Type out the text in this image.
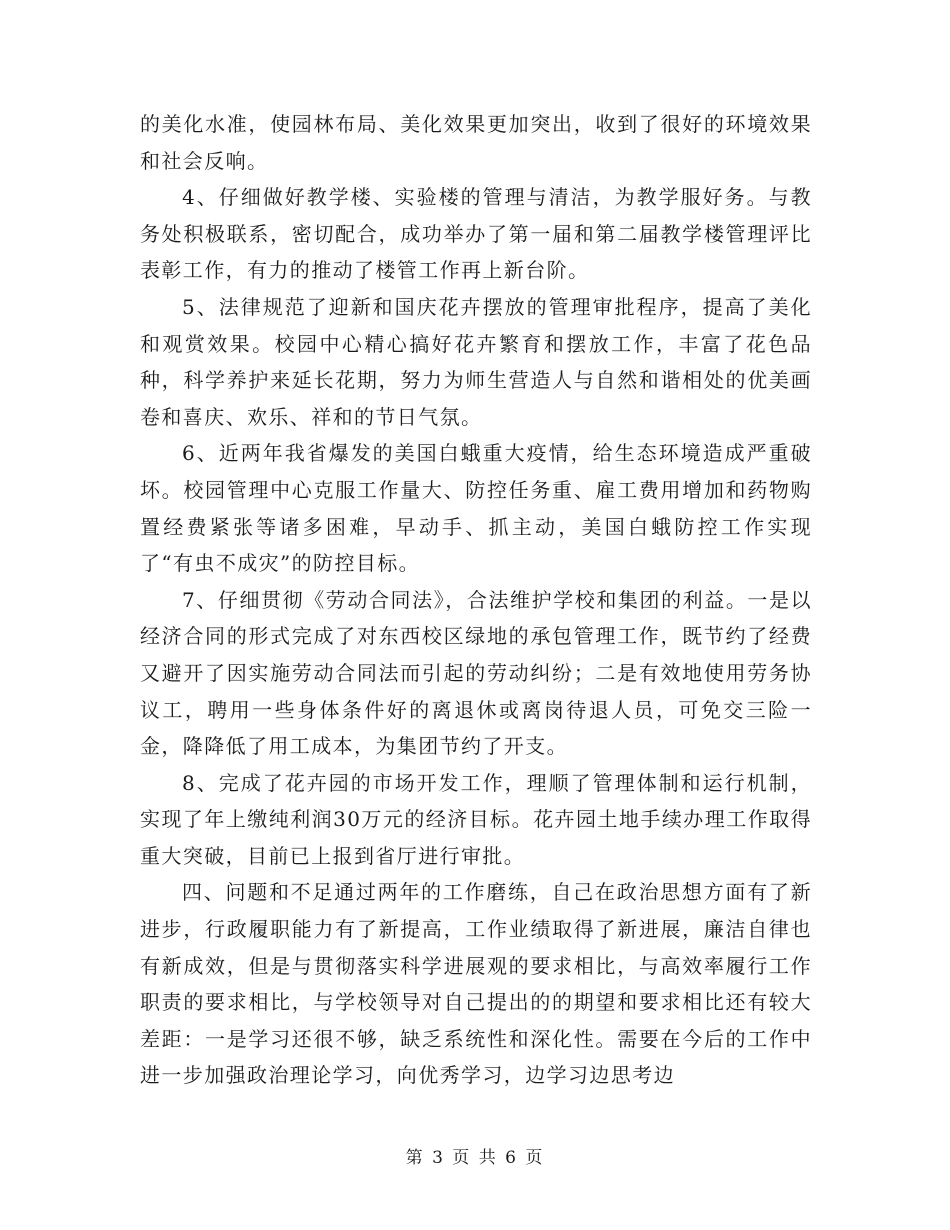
的美化水准，使园林布局、美化效果更加突出，收到了很好的环境效果和社会反响。

4、仔细做好教学楼、实验楼的管理与清洁，为教学服好务。与教务处积极联系，密切配合，成功举办了第一届和第二届教学楼管理评比表彰工作，有力的推动了楼管工作再上新台阶。

5、法律规范了迎新和国庆花卉摆放的管理审批程序，提高了美化和观赏效果。校园中心精心搞好花卉繁育和摆放工作，丰富了花色品种，科学养护来延长花期，努力为师生营造人与自然和谐相处的优美画卷和喜庆、欢乐、祥和的节日气氛。

6、近两年我省爆发的美国白蛾重大疫情，给生态环境造成严重破坏。校园管理中心克服工作量大、防控任务重、雇工费用增加和药物购置经费紧张等诸多困难，早动手、抓主动，美国白蛾防控工作实现了“有虫不成灾”的防控目标。

7、仔细贯彻《劳动合同法》，合法维护学校和集团的利益。一是以经济合同的形式完成了对东西校区绿地的承包管理工作，既节约了经费又避开了因实施劳动合同法而引起的劳动纠纷；二是有效地使用劳务协议工，聘用一些身体条件好的离退休或离岗待退人员，可免交三险一金，降降低了用工成本，为集团节约了开支。

8、完成了花卉园的市场开发工作，理顺了管理体制和运行机制，实现了年上缴纯利润30万元的经济目标。花卉园土地手续办理工作取得重大突破，目前已上报到省厅进行审批。

四、问题和不足通过两年的工作磨练，自己在政治思想方面有了新进步，行政履职能力有了新提高，工作业绩取得了新进展，廉洁自律也有新成效，但是与贯彻落实科学进展观的要求相比，与高效率履行工作职责的要求相比，与学校领导对自己提出的的期望和要求相比还有较大差距：一是学习还很不够，缺乏系统性和深化性。需要在今后的工作中进一步加强政治理论学习，向优秀学习，边学习边思考边

第 3 页 共 6 页
